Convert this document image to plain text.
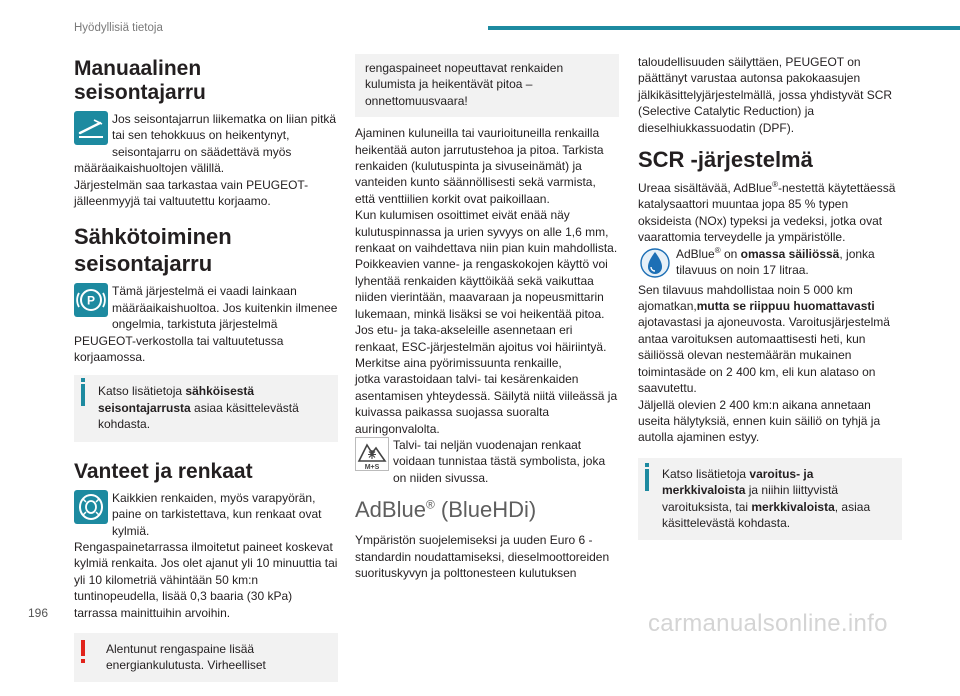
Hyödyllisiä tietoja
Manuaalinen seisontajarru

Jos seisontajarrun liikematka on liian pitkä tai sen tehokkuus on heikentynyt, seisontajarru on säädettävä myös määräaikaishuoltojen välillä.

Järjestelmän saa tarkastaa vain PEUGEOT-jälleenmyyjä tai valtuutettu korjaamo.

Sähkötoiminen seisontajarru

P
Tämä järjestelmä ei vaadi lainkaan määräaikaishuoltoa. Jos kuitenkin ilmenee ongelmia, tarkistuta järjestelmä PEUGEOT-verkostolla tai valtuutetussa korjaamossa.

Katso lisätietoja sähköisestä seisontajarrusta asiaa käsittelevästä kohdasta.
Vanteet ja renkaat

Kaikkien renkaiden, myös varapyörän, paine on tarkistettava, kun renkaat ovat kylmiä.

Rengaspainetarrassa ilmoitetut paineet koskevat kylmiä renkaita. Jos olet ajanut yli 10 minuuttia tai yli 10 kilometriä vähintään 50 km:n tuntinopeudella, lisää 0,3 baaria (30 kPa) tarrassa mainittuihin arvoihin.

Alentunut rengaspaine lisää energiankulutusta. Virheelliset
rengaspaineet nopeuttavat renkaiden kulumista ja heikentävät pitoa – onnettomuusvaara!

Ajaminen kuluneilla tai vaurioituneilla renkailla heikentää auton jarrutustehoa ja pitoa. Tarkista renkaiden (kulutuspinta ja sivuseinämät) ja vanteiden kunto säännöllisesti sekä varmista, että venttiilien korkit ovat paikoillaan.

Kun kulumisen osoittimet eivät enää näy kulutuspinnassa ja urien syvyys on alle 1,6 mm, renkaat on vaihdettava niin pian kuin mahdollista.

Poikkeavien vanne- ja rengaskokojen käyttö voi lyhentää renkaiden käyttöikää sekä vaikuttaa niiden vierintään, maavaraan ja nopeusmittarin lukemaan, minkä lisäksi se voi heikentää pitoa.

Jos etu- ja taka-akseleille asennetaan eri renkaat, ESC-järjestelmän ajoitus voi häiriintyä.

Merkitse aina pyörimissuunta renkaille,

jotka varastoidaan talvi- tai kesärenkaiden asentamisen yhteydessä. Säilytä niitä viileässä ja kuivassa paikassa suojassa suoralta auringonvalolta.

M+S
Talvi- tai neljän vuodenajan renkaat voidaan tunnistaa tästä symbolista, joka on niiden sivussa.

AdBlue® (BlueHDi)

Ympäristön suojelemiseksi ja uuden Euro 6 -standardin noudattamiseksi, dieselmoottoreiden suorituskyvyn ja polttonesteen kulutuksen

taloudellisuuden säilyttäen, PEUGEOT on päättänyt varustaa autonsa pakokaasujen jälkikäsittelyjärjestelmällä, jossa yhdistyvät SCR (Selective Catalytic Reduction) ja dieselhiukkassuodatin (DPF).

SCR -järjestelmä

Ureaa sisältävää, AdBlue®-nestettä käytettäessä katalysaattori muuntaa jopa 85 % typen oksideista (NOx) typeksi ja vedeksi, jotka ovat vaarattomia terveydelle ja ympäristölle.

AdBlue® on omassa säiliössä, jonka tilavuus on noin 17 litraa.

Sen tilavuus mahdollistaa noin 5 000 km ajomatkan,mutta se riippuu huomattavasti ajotavastasi ja ajoneuvosta. Varoitusjärjestelmä antaa varoituksen automaattisesti heti, kun säiliössä olevan nestemäärän mukainen toimintasäde on 2 400 km, eli kun alataso on saavutettu.

Jäljellä olevien 2 400 km:n aikana annetaan useita hälytyksiä, ennen kuin säiliö on tyhjä ja autolla ajaminen estyy.

Katso lisätietoja varoitus- ja merkkivaloista ja niihin liittyvistä varoituksista, tai merkkivaloista, asiaa käsittelevästä kohdasta.
196	carmanualsonline.info
